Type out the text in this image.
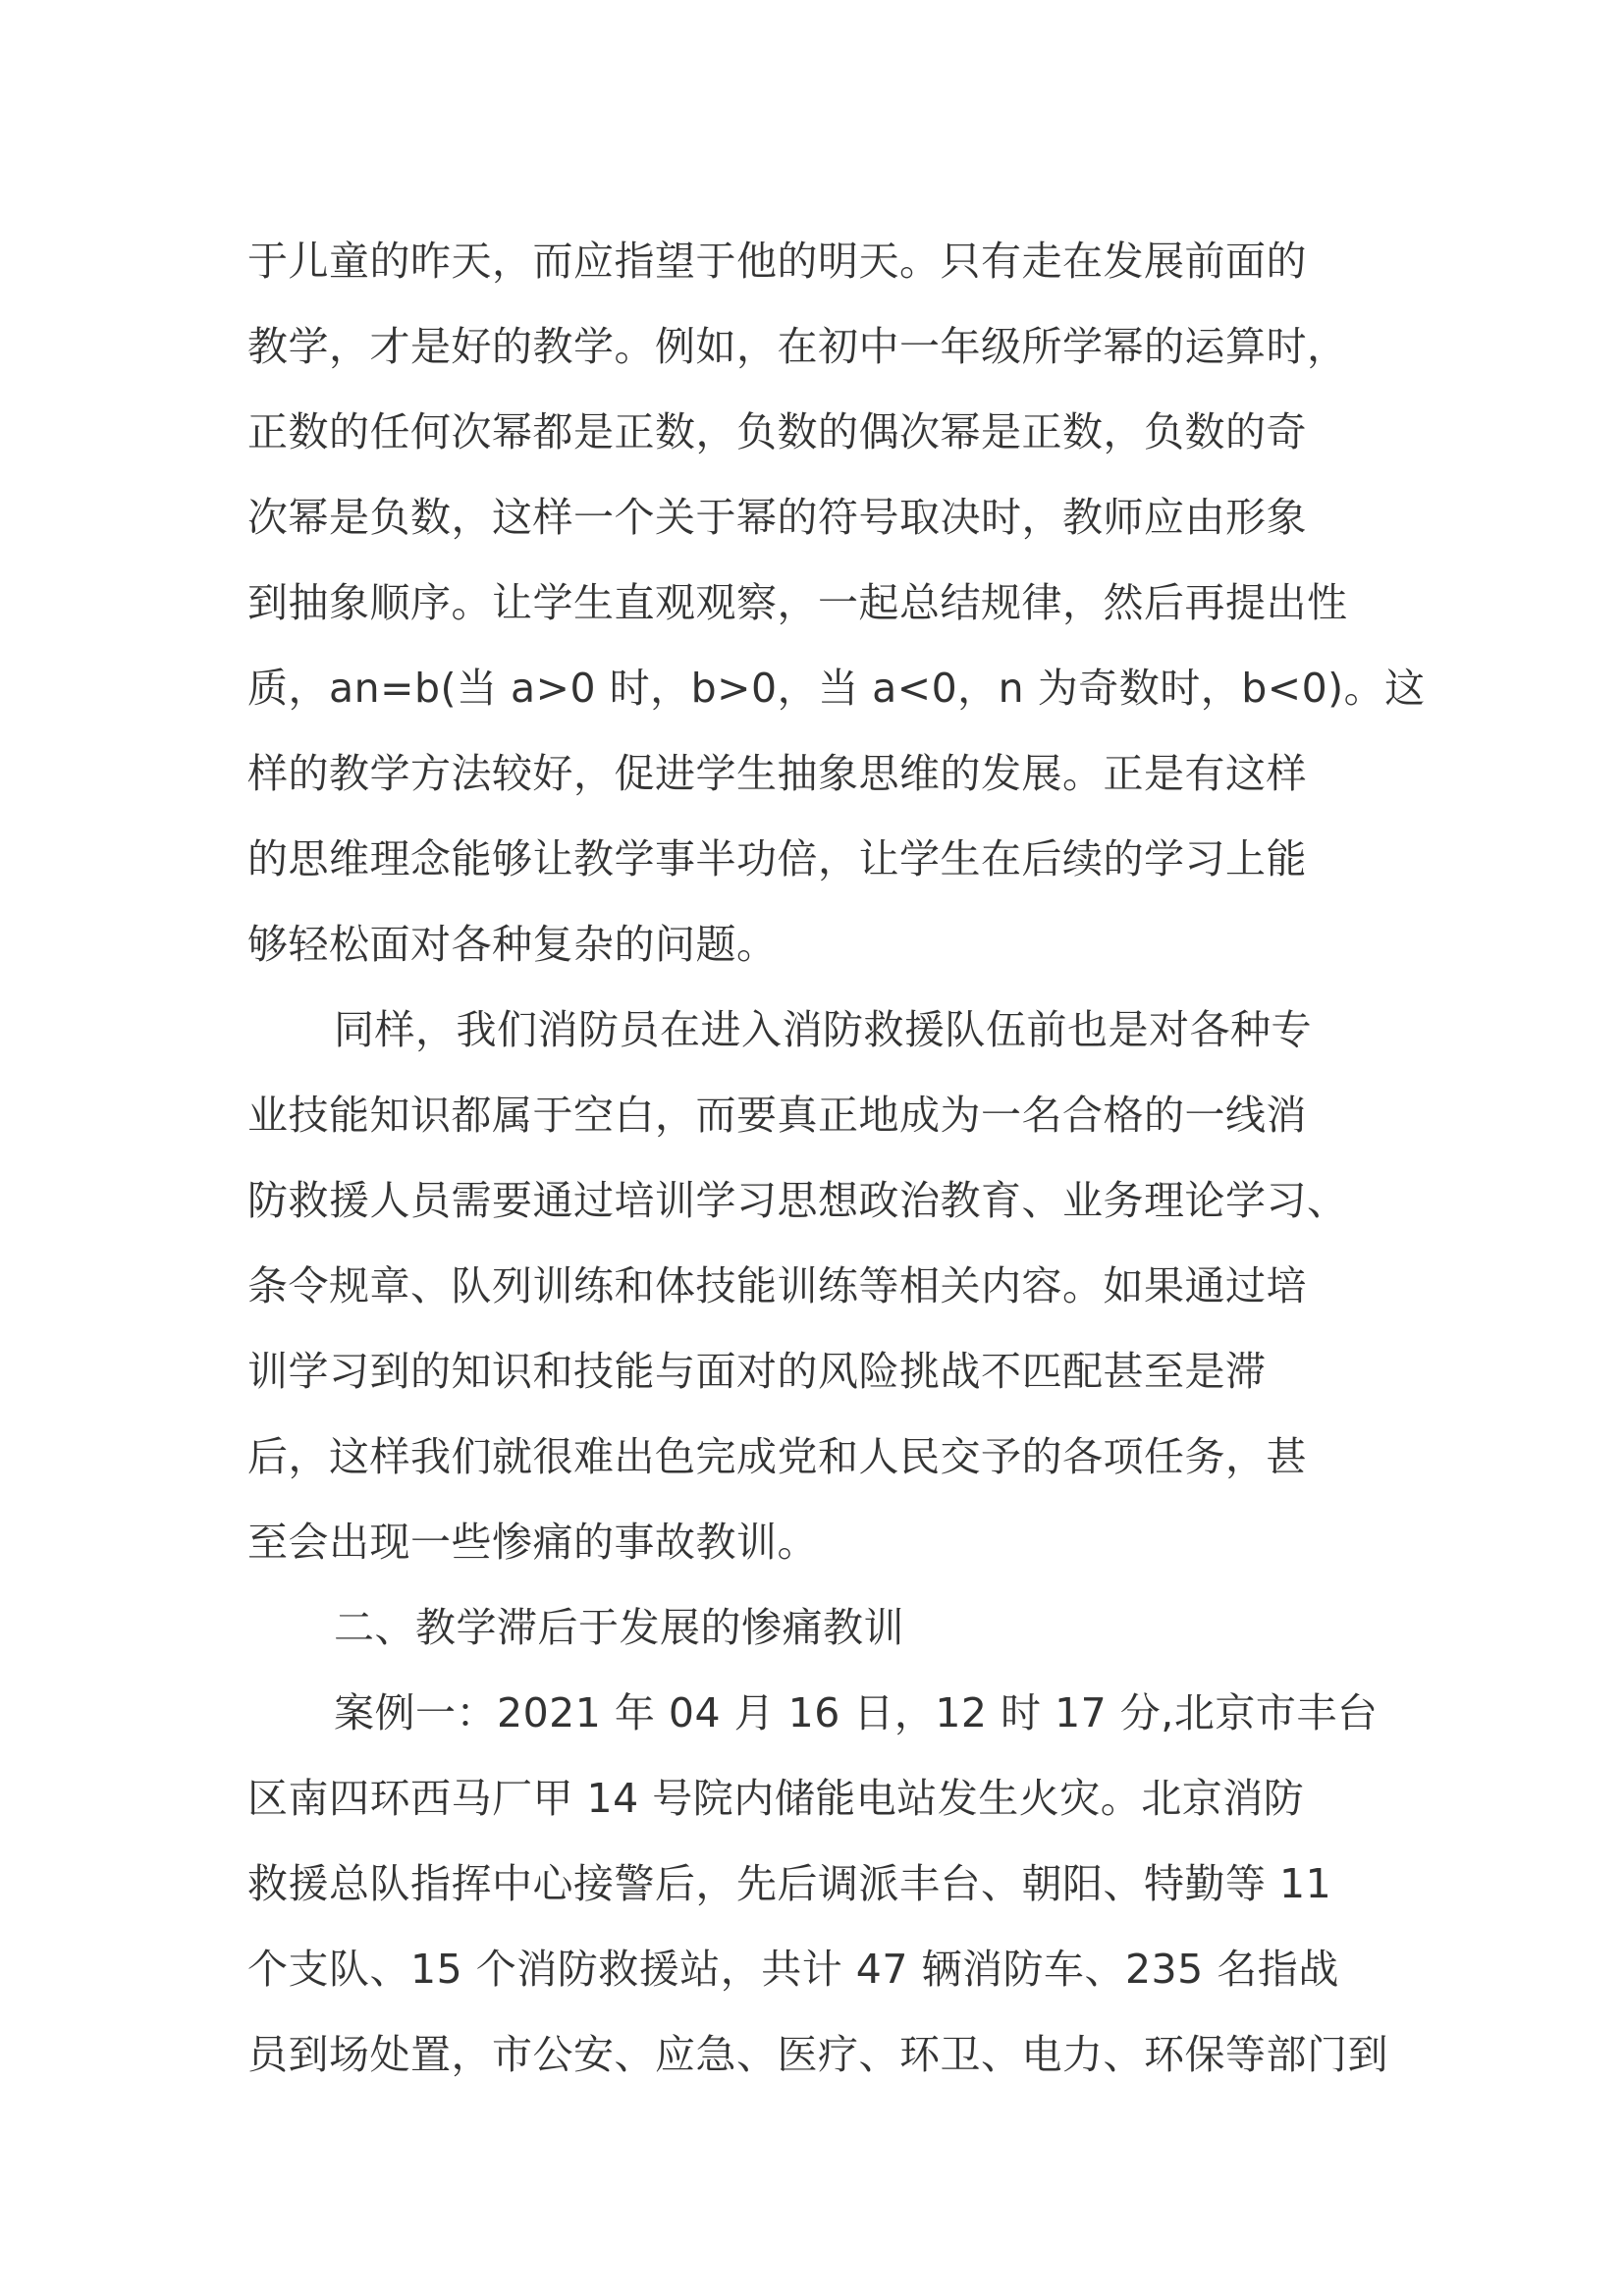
于儿童的昨天，而应指望于他的明天。只有走在发展前面的
教学，才是好的教学。例如，在初中一年级所学幂的运算时，
正数的任何次幂都是正数，负数的偶次幂是正数，负数的奇
次幂是负数，这样一个关于幂的符号取决时，教师应由形象
到抽象顺序。让学生直观观察，一起总结规律，然后再提出性
质，an=b(当 a>0 时，b>0，当 a<0，n 为奇数时，b<0)。这
样的教学方法较好，促进学生抽象思维的发展。正是有这样
的思维理念能够让教学事半功倍，让学生在后续的学习上能
够轻松面对各种复杂的问题。
同样，我们消防员在进入消防救援队伍前也是对各种专
业技能知识都属于空白，而要真正地成为一名合格的一线消
防救援人员需要通过培训学习思想政治教育、业务理论学习、
条令规章、队列训练和体技能训练等相关内容。如果通过培
训学习到的知识和技能与面对的风险挑战不匹配甚至是滞
后，这样我们就很难出色完成党和人民交予的各项任务，甚
至会出现一些惨痛的事故教训。
二、教学滞后于发展的惨痛教训
案例一：2021 年 04 月 16 日，12 时 17 分,北京市丰台
区南四环西马厂甲 14 号院内储能电站发生火灾。北京消防
救援总队指挥中心接警后，先后调派丰台、朝阳、特勤等 11
个支队、15 个消防救援站，共计 47 辆消防车、235 名指战
员到场处置，市公安、应急、医疗、环卫、电力、环保等部门到
